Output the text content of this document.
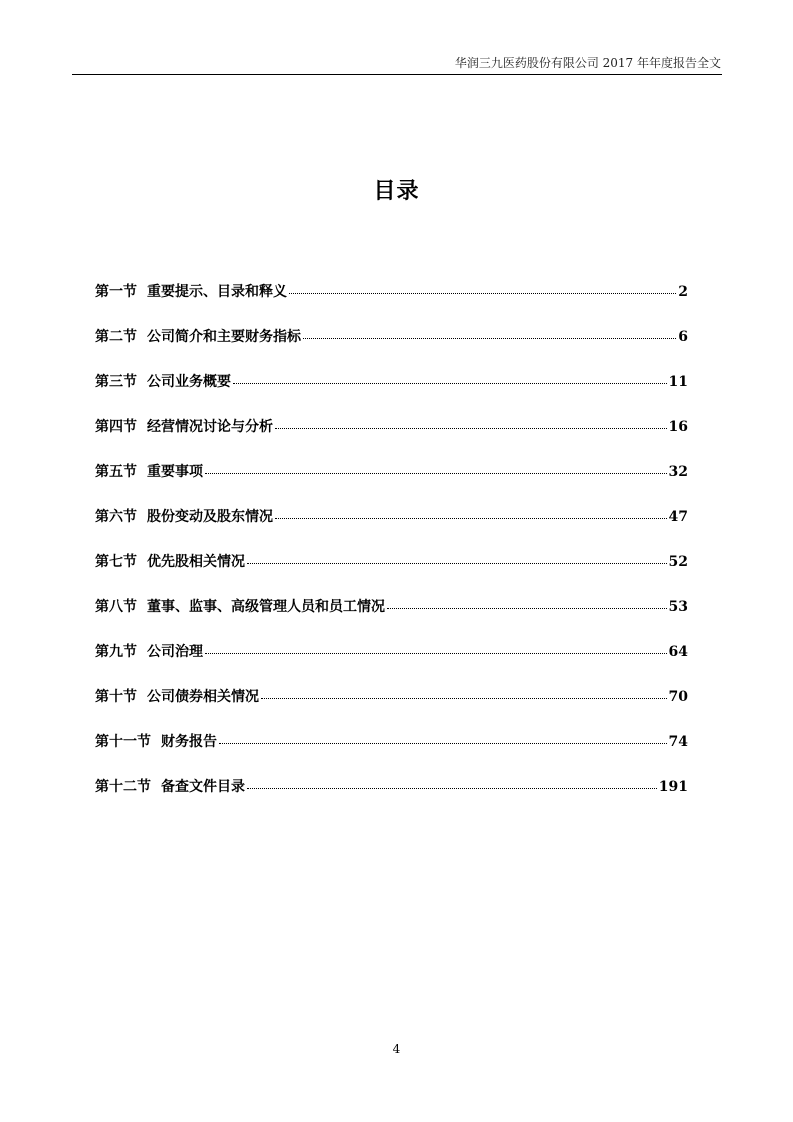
华润三九医药股份有限公司 2017 年年度报告全文
目录
第一节 重要提示、目录和释义	2
第二节 公司简介和主要财务指标	6
第三节 公司业务概要	11
第四节 经营情况讨论与分析	16
第五节 重要事项	32
第六节 股份变动及股东情况	47
第七节 优先股相关情况	52
第八节 董事、监事、高级管理人员和员工情况	53
第九节 公司治理	64
第十节 公司债券相关情况	70
第十一节 财务报告	74
第十二节 备查文件目录	191
4
